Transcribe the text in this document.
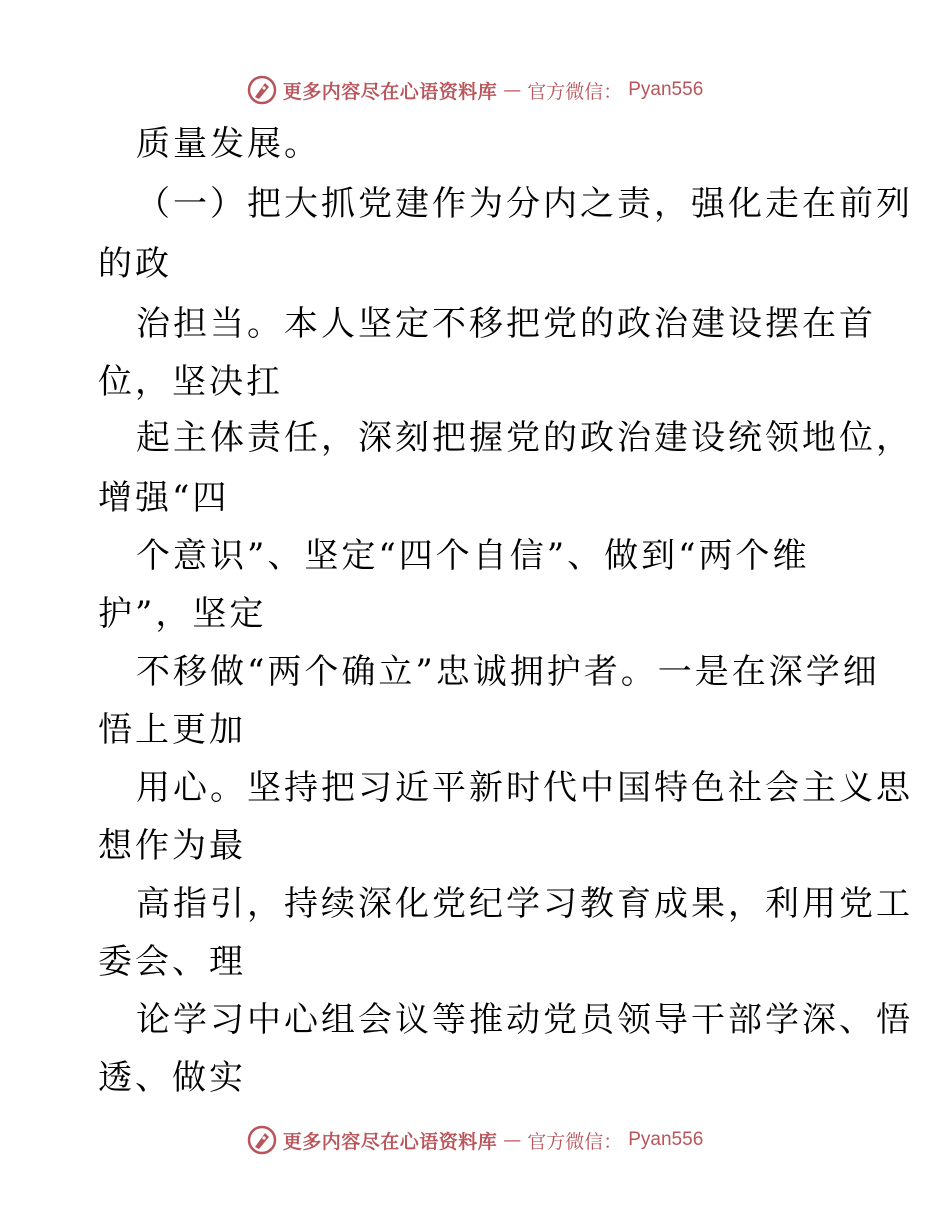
更多内容尽在心语资料库 — 官方微信： Pyan556
质量发展。
（一）把大抓党建作为分内之责，强化走在前列
的政
治担当。本人坚定不移把党的政治建设摆在首
位，坚决扛
起主体责任，深刻把握党的政治建设统领地位，
增强“四
个意识”、坚定“四个自信”、做到“两个维
护”，坚定
不移做“两个确立”忠诚拥护者。一是在深学细
悟上更加
用心。坚持把习近平新时代中国特色社会主义思
想作为最
高指引，持续深化党纪学习教育成果，利用党工
委会、理
论学习中心组会议等推动党员领导干部学深、悟
透、做实
更多内容尽在心语资料库 — 官方微信： Pyan556
